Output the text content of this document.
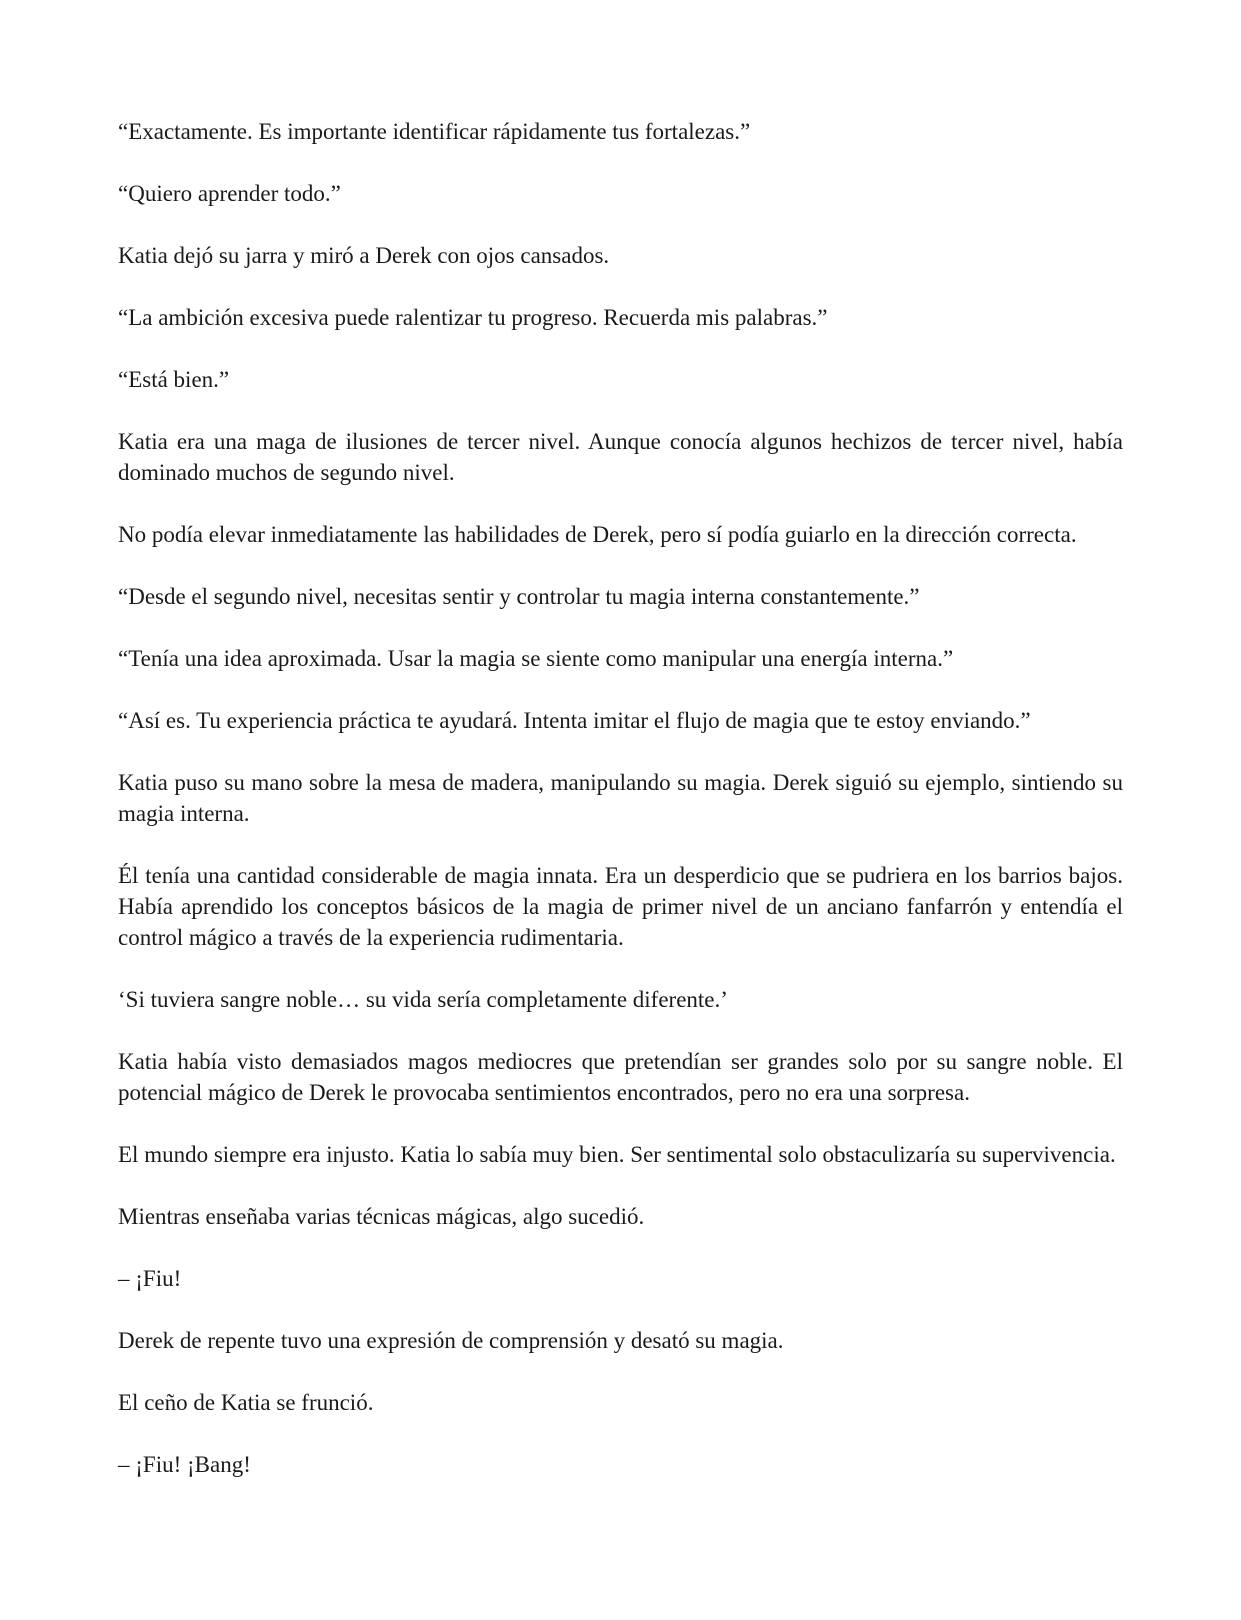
“Exactamente. Es importante identificar rápidamente tus fortalezas.”

“Quiero aprender todo.”

Katia dejó su jarra y miró a Derek con ojos cansados.

“La ambición excesiva puede ralentizar tu progreso. Recuerda mis palabras.”

“Está bien.”

Katia era una maga de ilusiones de tercer nivel. Aunque conocía algunos hechizos de tercer nivel, había dominado muchos de segundo nivel.

No podía elevar inmediatamente las habilidades de Derek, pero sí podía guiarlo en la dirección correcta.

“Desde el segundo nivel, necesitas sentir y controlar tu magia interna constantemente.”

“Tenía una idea aproximada. Usar la magia se siente como manipular una energía interna.”

“Así es. Tu experiencia práctica te ayudará. Intenta imitar el flujo de magia que te estoy enviando.”

Katia puso su mano sobre la mesa de madera, manipulando su magia. Derek siguió su ejemplo, sintiendo su magia interna.

Él tenía una cantidad considerable de magia innata. Era un desperdicio que se pudriera en los barrios bajos. Había aprendido los conceptos básicos de la magia de primer nivel de un anciano fanfarrón y entendía el control mágico a través de la experiencia rudimentaria.

‘Si tuviera sangre noble… su vida sería completamente diferente.’

Katia había visto demasiados magos mediocres que pretendían ser grandes solo por su sangre noble. El potencial mágico de Derek le provocaba sentimientos encontrados, pero no era una sorpresa.

El mundo siempre era injusto. Katia lo sabía muy bien. Ser sentimental solo obstaculizaría su supervivencia.

Mientras enseñaba varias técnicas mágicas, algo sucedió.

– ¡Fiu!

Derek de repente tuvo una expresión de comprensión y desató su magia.

El ceño de Katia se frunció.

– ¡Fiu! ¡Bang!
